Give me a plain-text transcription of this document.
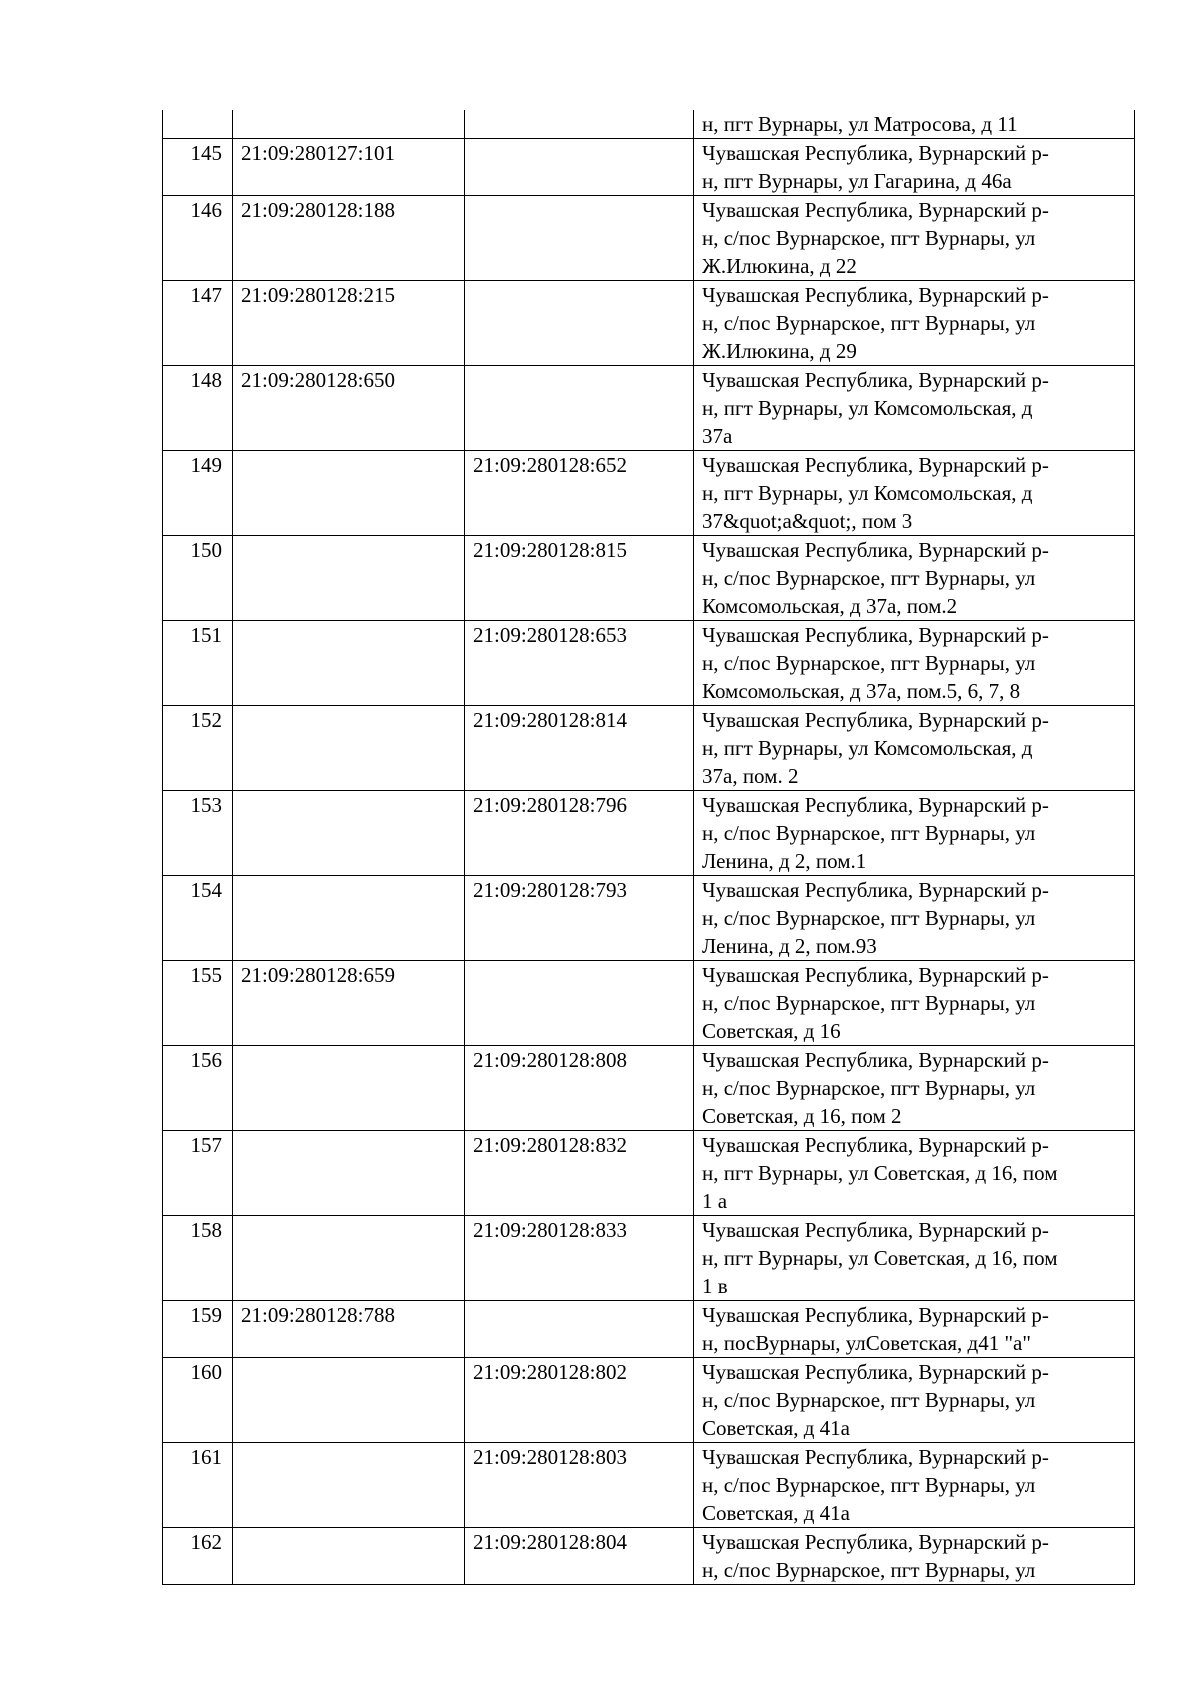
			н, пгт Вурнары, ул Матросова, д 11
145	21:09:280127:101		Чувашская Республика, Вурнарский р-
н, пгт Вурнары, ул Гагарина, д 46а
146	21:09:280128:188		Чувашская Республика, Вурнарский р-
н, с/пос Вурнарское, пгт Вурнары, ул
Ж.Илюкина, д 22
147	21:09:280128:215		Чувашская Республика, Вурнарский р-
н, с/пос Вурнарское, пгт Вурнары, ул
Ж.Илюкина, д 29
148	21:09:280128:650		Чувашская Республика, Вурнарский р-
н, пгт Вурнары, ул Комсомольская, д
37а
149		21:09:280128:652	Чувашская Республика, Вурнарский р-
н, пгт Вурнары, ул Комсомольская, д
37&quot;а&quot;, пом 3
150		21:09:280128:815	Чувашская Республика, Вурнарский р-
н, с/пос Вурнарское, пгт Вурнары, ул
Комсомольская, д 37а, пом.2
151		21:09:280128:653	Чувашская Республика, Вурнарский р-
н, с/пос Вурнарское, пгт Вурнары, ул
Комсомольская, д 37а, пом.5, 6, 7, 8
152		21:09:280128:814	Чувашская Республика, Вурнарский р-
н, пгт Вурнары, ул Комсомольская, д
37а, пом. 2
153		21:09:280128:796	Чувашская Республика, Вурнарский р-
н, с/пос Вурнарское, пгт Вурнары, ул
Ленина, д 2, пом.1
154		21:09:280128:793	Чувашская Республика, Вурнарский р-
н, с/пос Вурнарское, пгт Вурнары, ул
Ленина, д 2, пом.93
155	21:09:280128:659		Чувашская Республика, Вурнарский р-
н, с/пос Вурнарское, пгт Вурнары, ул
Советская, д 16
156		21:09:280128:808	Чувашская Республика, Вурнарский р-
н, с/пос Вурнарское, пгт Вурнары, ул
Советская, д 16, пом 2
157		21:09:280128:832	Чувашская Республика, Вурнарский р-
н, пгт Вурнары, ул Советская, д 16, пом
1 а
158		21:09:280128:833	Чувашская Республика, Вурнарский р-
н, пгт Вурнары, ул Советская, д 16, пом
1 в
159	21:09:280128:788		Чувашская Республика, Вурнарский р-
н, посВурнары, улСоветская, д41 "а"
160		21:09:280128:802	Чувашская Республика, Вурнарский р-
н, с/пос Вурнарское, пгт Вурнары, ул
Советская, д 41а
161		21:09:280128:803	Чувашская Республика, Вурнарский р-
н, с/пос Вурнарское, пгт Вурнары, ул
Советская, д 41а
162		21:09:280128:804	Чувашская Республика, Вурнарский р-
н, с/пос Вурнарское, пгт Вурнары, ул
